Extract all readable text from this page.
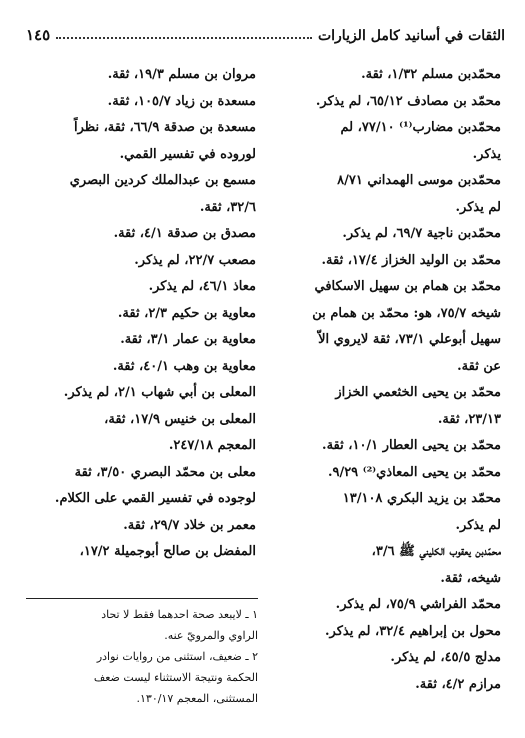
الثقات في أسانيد كامل الزيارات
١٤٥
محمّدبن مسلم ١/٣٢، ثقة.
محمّد بن مصادف ٦٥/١٢، لم يذكر.
محمّدبن مضارب⁽¹⁾ ٧٧/١٠، لم
يذكر.
محمّدبن موسى الهمداني ٨/٧١
لم يذكر.
محمّدبن ناجية ٦٩/٧، لم يذكر.
محمّد بن الوليد الخزاز ١٧/٤، ثقة.
محمّد بن همام بن سهيل الاسكافي
شيخه ٧٥/٧، هو: محمّد بن همام بن
سهيل أبوعلي ٧٣/١، ثقة لايروي الاّ
عن ثقة.
محمّد بن يحيى الخثعمي الخزاز
٢٣/١٣، ثقة.
محمّد بن يحيى العطار ١٠/١، ثقة.
محمّد بن يحيى المعاذي⁽²⁾ ٩/٢٩.
محمّد بن يزيد البكري ١٣/١٠٨
لم يذكر.
محمّدبن يعقوب الكليني ﷺ ٣/٦،
شيخه، ثقة.
محمّد الفراشي ٧٥/٩، لم يذكر.
محول بن إبراهيم ٣٢/٤، لم يذكر.
مدلج ٤٥/٥، لم يذكر.
مرازم ٤/٢، ثقة.
مروان بن مسلم ١٩/٣، ثقة.
مسعدة بن زياد ١٠٥/٧، ثقة.
مسعدة بن صدقة ٦٦/٩، ثقة، نظراً
لوروده في تفسير القمي.
مسمع بن عبدالملك كردين البصري
٣٢/٦، ثقة.
مصدق بن صدقة ٤/١، ثقة.
مصعب ٢٢/٧، لم يذكر.
معاذ ٤٦/١، لم يذكر.
معاوية بن حكيم ٢/٣، ثقة.
معاوية بن عمار ٣/١، ثقة.
معاوية بن وهب ٤٠/١، ثقة.
المعلى بن أبي شهاب ٢/١، لم يذكر.
المعلى بن خنيس ١٧/٩، ثقة،
المعجم ٢٤٧/١٨.
معلى بن محمّد البصري ٣/٥٠، ثقة
لوجوده في تفسير القمي على الكلام.
معمر بن خلاد ٢٩/٧، ثقة.
المفضل بن صالح أبوجميلة ١٧/٢،
١ ـ لايبعد صحة احدهما فقط لا تحاد
الراوي والمرويّ عنه.
٢ ـ ضعيف، استثنى من روايات نوادر
الحكمة ونتيجة الاستثناء ليست ضعف
المستثنى، المعجم ١٣٠/١٧.
